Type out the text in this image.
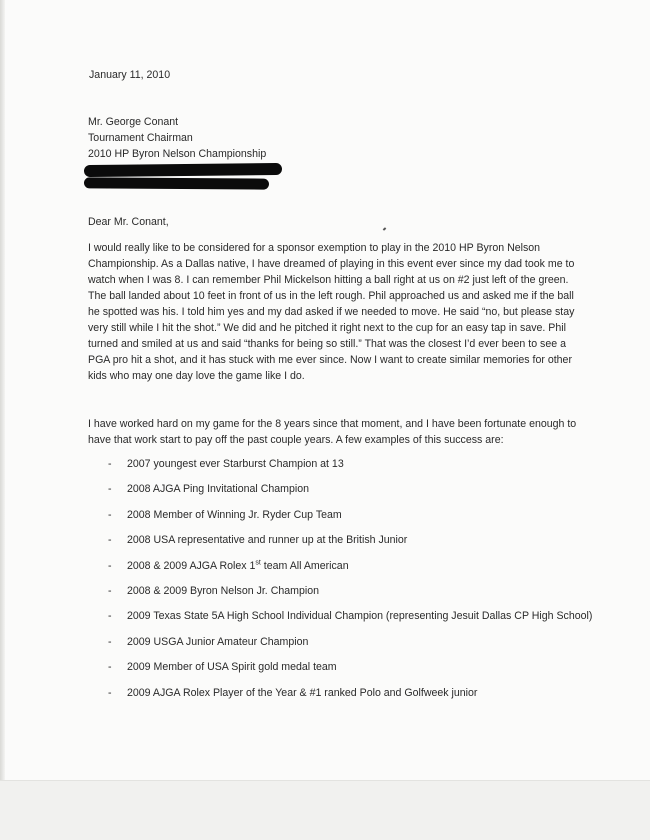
January 11, 2010
Mr. George Conant
Tournament Chairman
2010 HP Byron Nelson Championship
Dear Mr. Conant,
I would really like to be considered for a sponsor exemption to play in the 2010 HP Byron Nelson
Championship. As a Dallas native, I have dreamed of playing in this event ever since my dad took me to
watch when I was 8. I can remember Phil Mickelson hitting a ball right at us on #2 just left of the green.
The ball landed about 10 feet in front of us in the left rough. Phil approached us and asked me if the ball
he spotted was his. I told him yes and my dad asked if we needed to move. He said “no, but please stay
very still while I hit the shot.” We did and he pitched it right next to the cup for an easy tap in save. Phil
turned and smiled at us and said “thanks for being so still.” That was the closest I’d ever been to see a
PGA pro hit a shot, and it has stuck with me ever since. Now I want to create similar memories for other
kids who may one day love the game like I do.
I have worked hard on my game for the 8 years since that moment, and I have been fortunate enough to
have that work start to pay off the past couple years. A few examples of this success are:
-	2007 youngest ever Starburst Champion at 13
-	2008 AJGA Ping Invitational Champion
-	2008 Member of Winning Jr. Ryder Cup Team
-	2008 USA representative and runner up at the British Junior
-	2008 & 2009 AJGA Rolex 1st team All American
-	2008 & 2009 Byron Nelson Jr. Champion
-	2009 Texas State 5A High School Individual Champion (representing Jesuit Dallas CP High School)
-	2009 USGA Junior Amateur Champion
-	2009 Member of USA Spirit gold medal team
-	2009 AJGA Rolex Player of the Year & #1 ranked Polo and Golfweek junior
